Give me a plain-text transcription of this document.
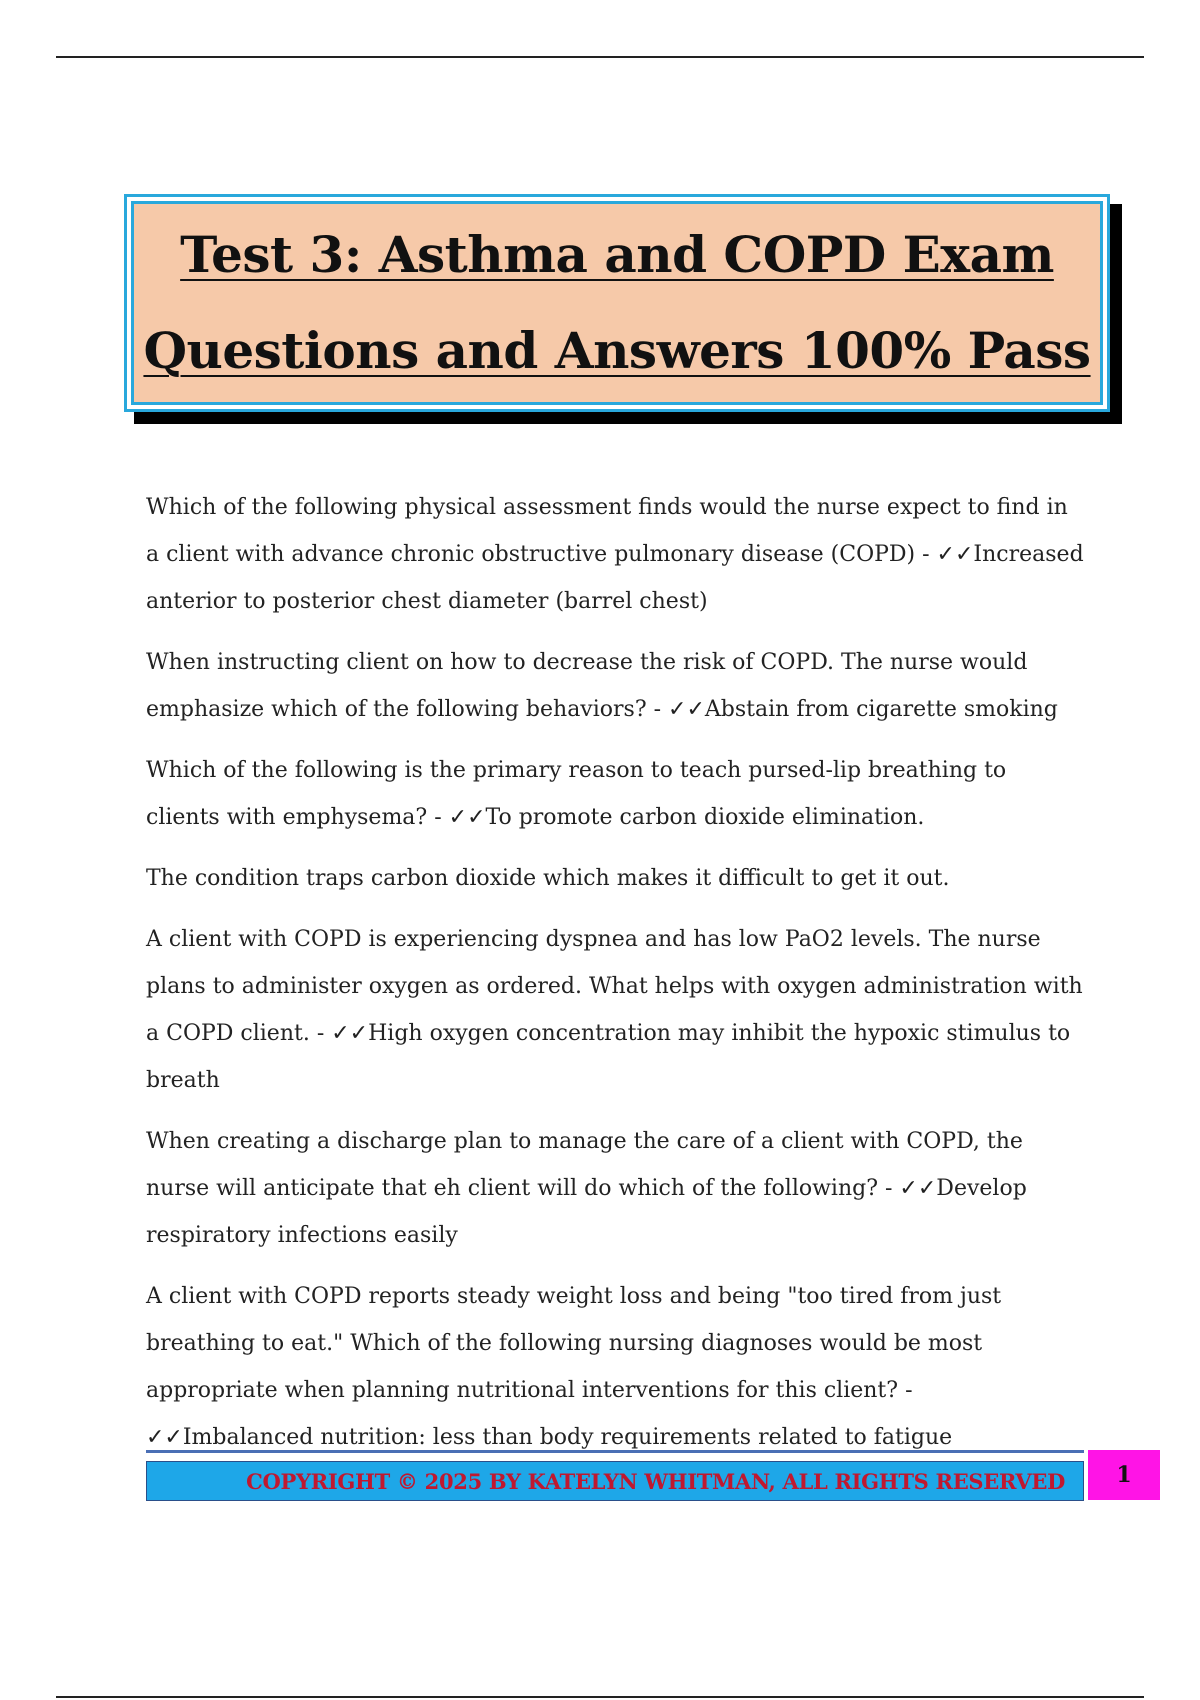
Test 3: Asthma and COPD Exam
Questions and Answers 100% Pass

Which of the following physical assessment finds would the nurse expect to find in a client with advance chronic obstructive pulmonary disease (COPD) - ✓✓Increased anterior to posterior chest diameter (barrel chest)

When instructing client on how to decrease the risk of COPD. The nurse would emphasize which of the following behaviors? - ✓✓Abstain from cigarette smoking

Which of the following is the primary reason to teach pursed-lip breathing to clients with emphysema? - ✓✓To promote carbon dioxide elimination.

The condition traps carbon dioxide which makes it difficult to get it out.

A client with COPD is experiencing dyspnea and has low PaO2 levels. The nurse plans to administer oxygen as ordered. What helps with oxygen administration with a COPD client. - ✓✓High oxygen concentration may inhibit the hypoxic stimulus to breath

When creating a discharge plan to manage the care of a client with COPD, the nurse will anticipate that eh client will do which of the following? - ✓✓Develop respiratory infections easily

A client with COPD reports steady weight loss and being "too tired from just breathing to eat." Which of the following nursing diagnoses would be most appropriate when planning nutritional interventions for this client? - ✓✓Imbalanced nutrition: less than body requirements related to fatigue

COPYRIGHT © 2025 BY KATELYN WHITMAN, ALL RIGHTS RESERVED 1
